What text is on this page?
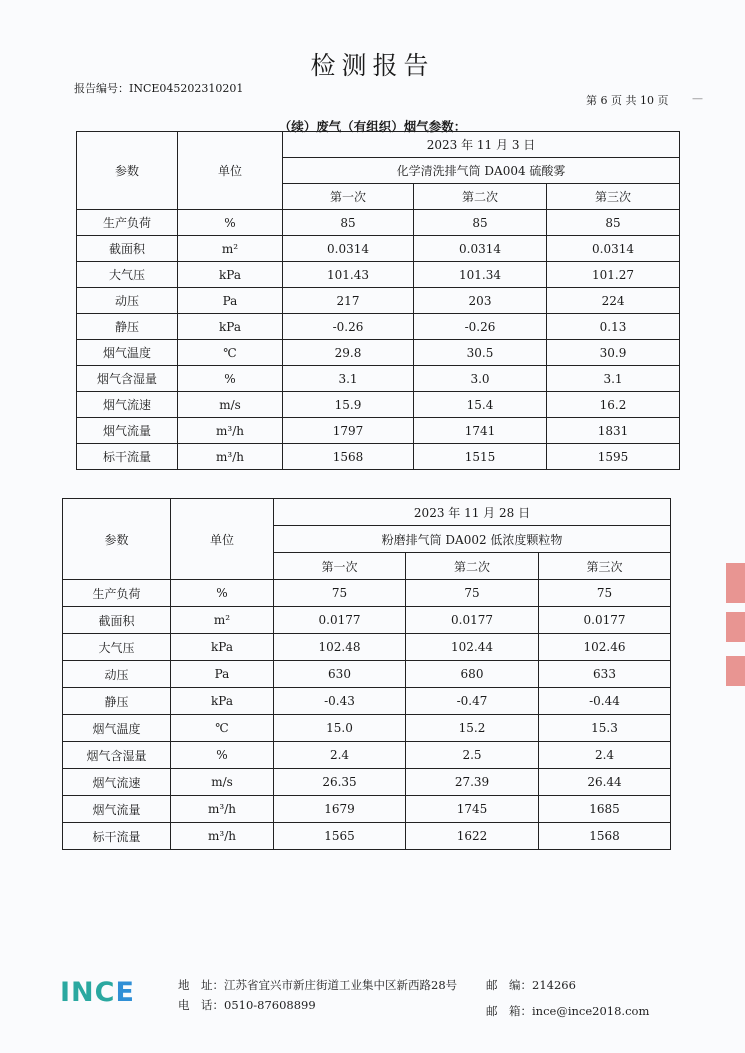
检测报告
报告编号：INCE045202310201
第 6 页 共 10 页 —
（续）废气（有组织）烟气参数：
参数	单位	2023 年 11 月 3 日		
		化学清洗排气筒 DA004 硫酸雾		
		第一次	第二次	第三次
生产负荷	%	85	85	85
截面积	m²	0.0314	0.0314	0.0314
大气压	kPa	101.43	101.34	101.27
动压	Pa	217	203	224
静压	kPa	-0.26	-0.26	0.13
烟气温度	℃	29.8	30.5	30.9
烟气含湿量	%	3.1	3.0	3.1
烟气流速	m/s	15.9	15.4	16.2
烟气流量	m³/h	1797	1741	1831
标干流量	m³/h	1568	1515	1595
参数	单位	2023 年 11 月 28 日		
		粉磨排气筒 DA002 低浓度颗粒物		
		第一次	第二次	第三次
生产负荷	%	75	75	75
截面积	m²	0.0177	0.0177	0.0177
大气压	kPa	102.48	102.44	102.46
动压	Pa	630	680	633
静压	kPa	-0.43	-0.47	-0.44
烟气温度	℃	15.0	15.2	15.3
烟气含湿量	%	2.4	2.5	2.4
烟气流速	m/s	26.35	27.39	26.44
烟气流量	m³/h	1679	1745	1685
标干流量	m³/h	1565	1622	1568
INCE	地　址：江苏省宜兴市新庄街道工业集中区新西路28号	邮　编：214266
电　话：0510-87608899	邮　箱：ince@ince2018.com
